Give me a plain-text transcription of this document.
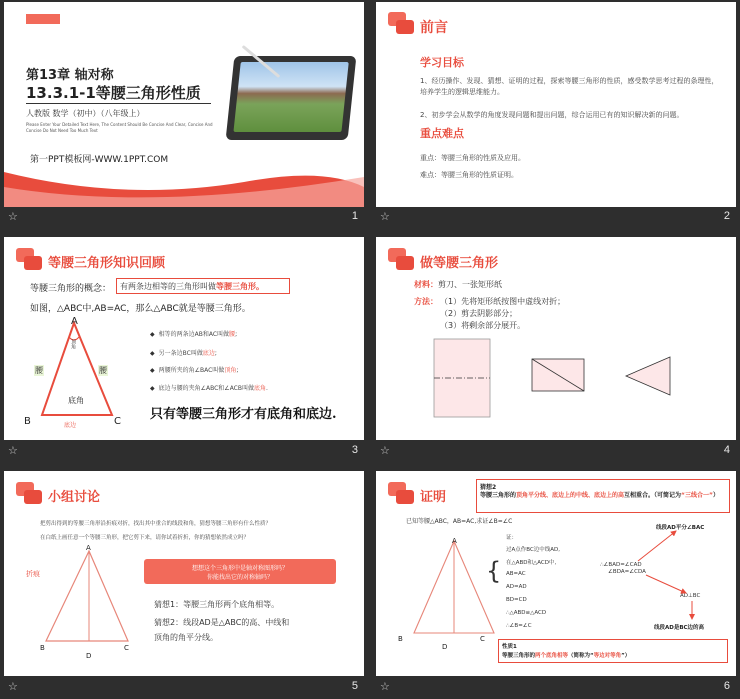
第13章 轴对称
13.3.1-1等腰三角形性质
人教版 数学（初中）（八年级上）
Please Enter Your Detailed Text Here, The Content Should Be Concise And Clear, Concise And Concise Do Not Need Too Much Text
第一PPT模板网-WWW.1PPT.COM
☆	1
前言
学习目标
1、经历操作、发现、猜想、证明的过程，探索等腰三角形的性质，感受数学思考过程的条理性，培养学生的逻辑思维能力。
2、初步学会从数学的角度发现问题和提出问题，综合运用已有的知识解决新的问题。
重点难点
重点：等腰三角形的性质及应用。
难点：等腰三角形的性质证明。
☆	2
等腰三角形知识回顾
等腰三角形的概念： 有两条边相等的三角形叫做等腰三角形。
如图，△ABC中,AB=AC，那么△ABC就是等腰三角形。
A
B	C
顶角
腰	腰
底角
底边
◆ 相等的两条边AB和AC叫做腰;
◆ 另一条边BC叫做底边;
◆ 两腰所夹的角∠BAC叫做顶角;
◆ 底边与腰的夹角∠ABC和∠ACB叫做底角.
只有等腰三角形才有底角和底边.
☆	3
做等腰三角形
材料：剪刀、一张矩形纸
方法： （1）先将矩形纸按图中虚线对折；
（2）剪去阴影部分；
（3）将剩余部分展开。
☆	4
小组讨论
把剪出得到的等腰三角形沿折痕对折，找出其中重合的线段和角，猜想等腰三角形有什么性质？
在白纸上画任意一个等腰三角形，把它剪下来，请你试着折折，你的猜想依然成立吗？
折痕
A
B
D
C
想想这个三角形中是轴对称图形吗？
你能找出它的对称轴吗？
猜想1：等腰三角形两个底角相等。
猜想2：线段AD是△ABC的高、中线和
顶角的角平分线。
☆	5
证明
猜想2
等腰三角形的顶角平分线、底边上的中线、底边上的高互相重合。（可简记为“三线合一”）
已知等腰△ABC，AB=AC,求证∠B=∠C
A
B
D
C
{
证：
过A点作BC边中线AD,
在△ABD和△ACD中,
AB=AC
AD=AD
BD=CD
∴△ABD≌△ACD
∴∠B=∠C
线段AD平分∠BAC
∴∠BAD=∠CAD
∠BDA=∠CDA
AD⊥BC
线段AD是BC边的高
性质1
等腰三角形的两个底角相等（简称为“等边对等角”）
☆	6
